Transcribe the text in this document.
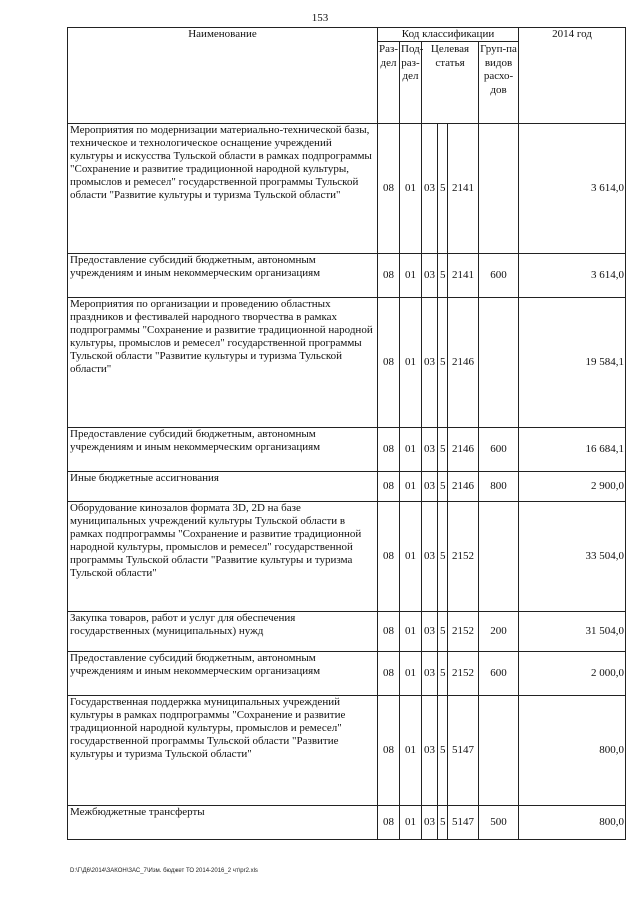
153
Наименование	Код классификации						2014 год
	Раз-дел	Под-раз-дел	Целевая статья			Груп-па видов расхо-дов	
Мероприятия по модернизации материально-технической базы, техническое и технологическое оснащение учреждений культуры и искусства Тульской области в рамках подпрограммы "Сохранение и развитие традиционной народной культуры, промыслов и ремесел" государственной программы Тульской области "Развитие культуры и туризма Тульской области"	08	01	03	5	2141		3 614,0
Предоставление субсидий бюджетным, автономным учреждениям и иным некоммерческим организациям	08	01	03	5	2141	600	3 614,0
Мероприятия по организации и проведению областных праздников и фестивалей народного творчества в рамках подпрограммы "Сохранение и развитие традиционной народной культуры, промыслов и ремесел" государственной программы Тульской области "Развитие культуры и туризма Тульской области"	08	01	03	5	2146		19 584,1
Предоставление субсидий бюджетным, автономным учреждениям и иным некоммерческим организациям	08	01	03	5	2146	600	16 684,1
Иные бюджетные ассигнования	08	01	03	5	2146	800	2 900,0
Оборудование кинозалов формата 3D, 2D на базе муниципальных учреждений культуры Тульской области в рамках подпрограммы "Сохранение и развитие традиционной народной культуры, промыслов и ремесел" государственной программы Тульской области "Развитие культуры и туризма Тульской области"	08	01	03	5	2152		33 504,0
Закупка товаров, работ и услуг для обеспечения государственных (муниципальных) нужд	08	01	03	5	2152	200	31 504,0
Предоставление субсидий бюджетным, автономным учреждениям и иным некоммерческим организациям	08	01	03	5	2152	600	2 000,0
Государственная поддержка муниципальных учреждений культуры в рамках подпрограммы "Сохранение и развитие традиционной народной культуры, промыслов и ремесел" государственной программы Тульской области "Развитие культуры и туризма Тульской области"	08	01	03	5	5147		800,0
Межбюджетные трансферты	08	01	03	5	5147	500	800,0
D:\Г\Д6\2014\ЗАКОН\ЗАС_7\Изм. бюджет ТО 2014-2016_2 чт\pr2.xls
